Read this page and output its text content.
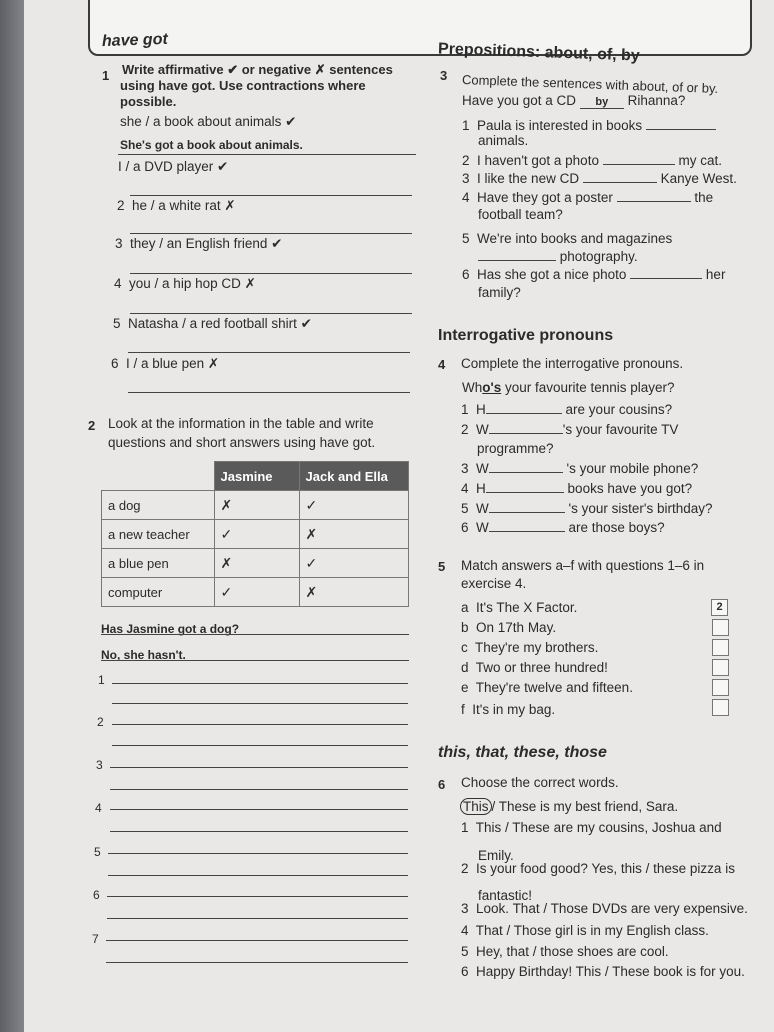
have got
1 Write affirmative ✔ or negative ✗ sentences
using have got. Use contractions where
possible.
she / a book about animals ✔
She's got a book about animals.
I / a DVD player ✔
2 he / a white rat ✗
3 they / an English friend ✔
4 you / a hip hop CD ✗
5 Natasha / a red football shirt ✔
6 I / a blue pen ✗
2 Look at the information in the table and write
questions and short answers using have got.
	Jasmine	Jack and Ella
a dog	✗	✓
a new teacher	✓	✗
a blue pen	✗	✓
computer	✓	✗
Has Jasmine got a dog?
No, she hasn't.
1
2
3
4
5
6
7
Prepositions: about, of, by
3 Complete the sentences with about, of or by.
Have you got a CD by Rihanna?
1 Paula is interested in books
animals.
2 I haven't got a photo	my cat.
3 I like the new CD	Kanye West.
4 Have they got a poster	the
football team?
5 We're into books and magazines
photography.
6 Has she got a nice photo	her
family?
Interrogative pronouns
4 Complete the interrogative pronouns.
Who's your favourite tennis player?
1 H	are your cousins?
2 W	's your favourite TV
programme?
3 W	's your mobile phone?
4 H	books have you got?
5 W	's your sister's birthday?
6 W	are those boys?
5 Match answers a–f with questions 1–6 in
exercise 4.
a It's The X Factor.	2
b On 17th May.
c They're my brothers.
d Two or three hundred!
e They're twelve and fifteen.
f It's in my bag.
this, that, these, those
6 Choose the correct words.
This / These is my best friend, Sara.
1 This / These are my cousins, Joshua and
Emily.
2 Is your food good? Yes, this / these pizza is
fantastic!
3 Look. That / Those DVDs are very expensive.
4 That / Those girl is in my English class.
5 Hey, that / those shoes are cool.
6 Happy Birthday! This / These book is for you.
